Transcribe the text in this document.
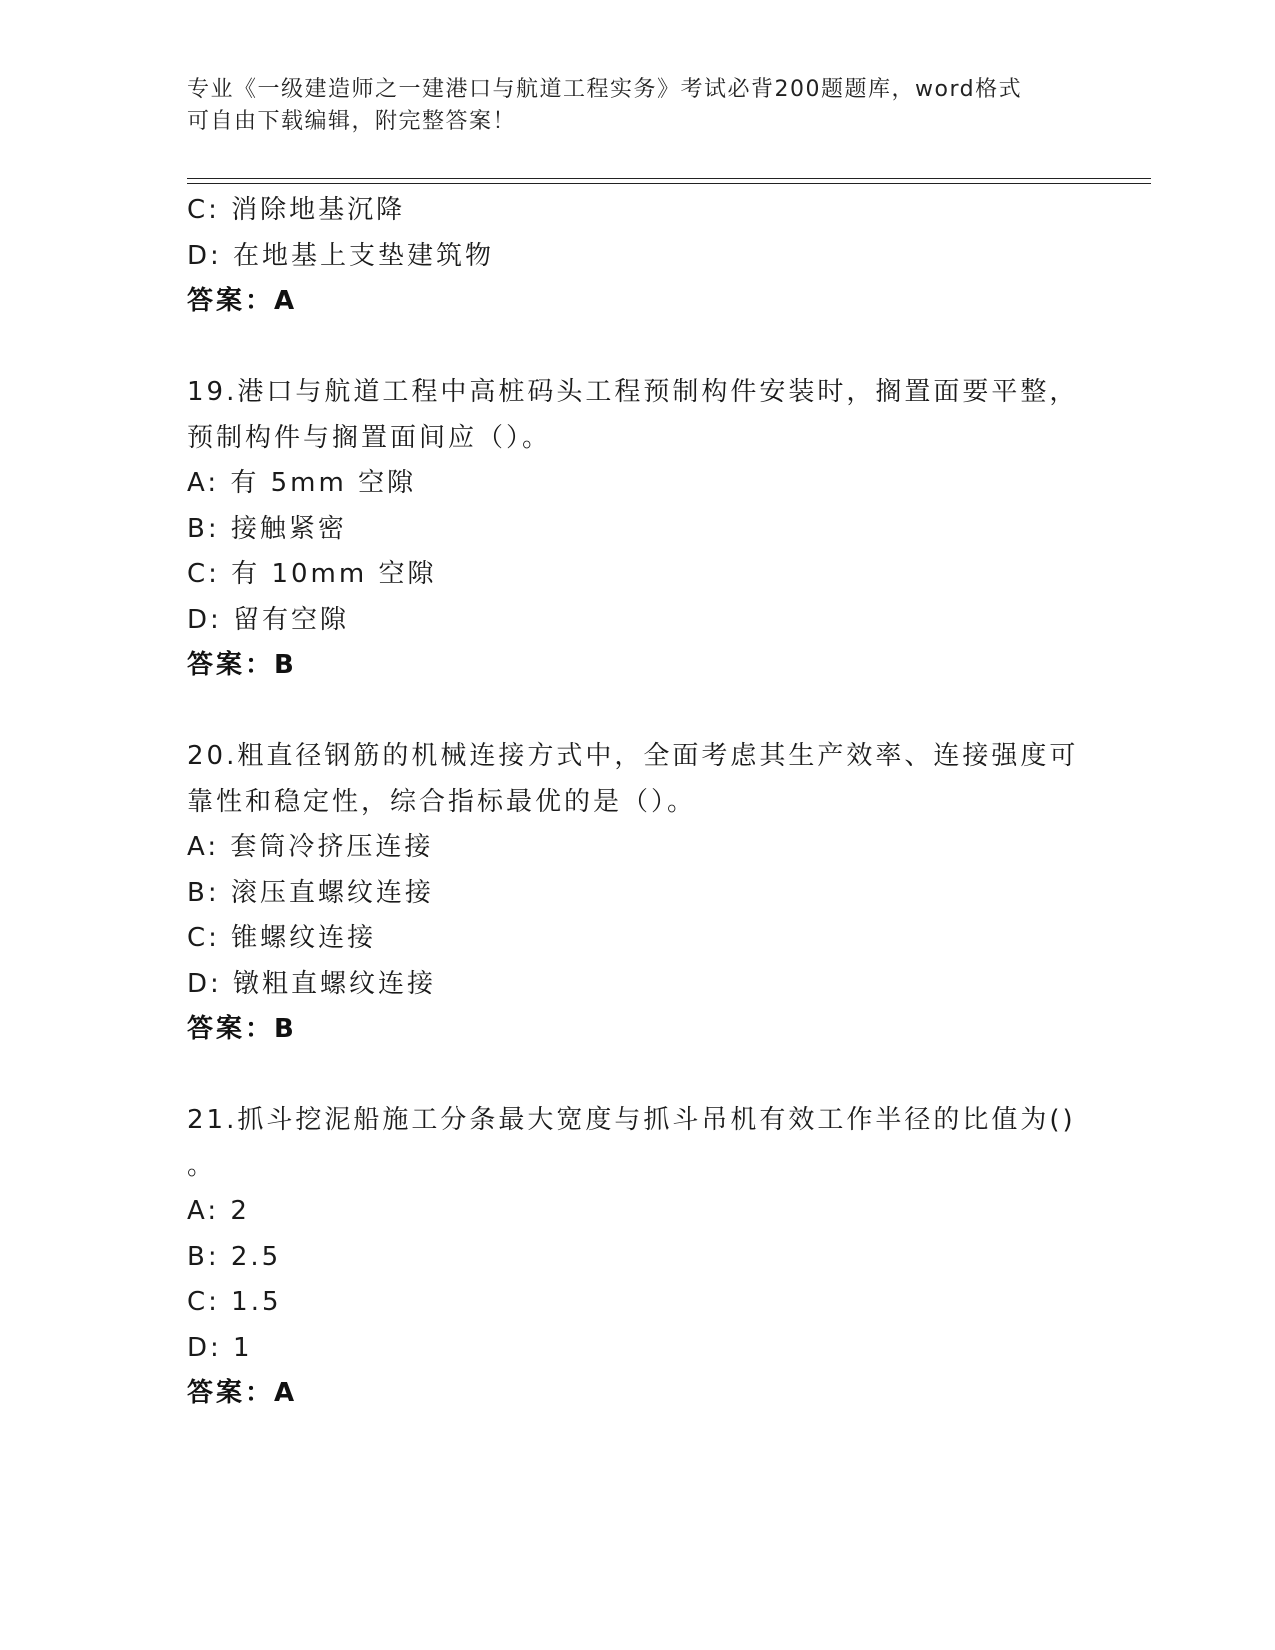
专业《一级建造师之一建港口与航道工程实务》考试必背200题题库，word格式
可自由下载编辑，附完整答案！
C: 消除地基沉降
D: 在地基上支垫建筑物
答案：A
19.港口与航道工程中高桩码头工程预制构件安装时，搁置面要平整，
预制构件与搁置面间应（）。
A: 有 5mm 空隙
B: 接触紧密
C: 有 10mm 空隙
D: 留有空隙
答案：B
20.粗直径钢筋的机械连接方式中，全面考虑其生产效率、连接强度可
靠性和稳定性，综合指标最优的是（）。
A: 套筒冷挤压连接
B: 滚压直螺纹连接
C: 锥螺纹连接
D: 镦粗直螺纹连接
答案：B
21.抓斗挖泥船施工分条最大宽度与抓斗吊机有效工作半径的比值为()
。
A: 2
B: 2.5
C: 1.5
D: 1
答案：A
